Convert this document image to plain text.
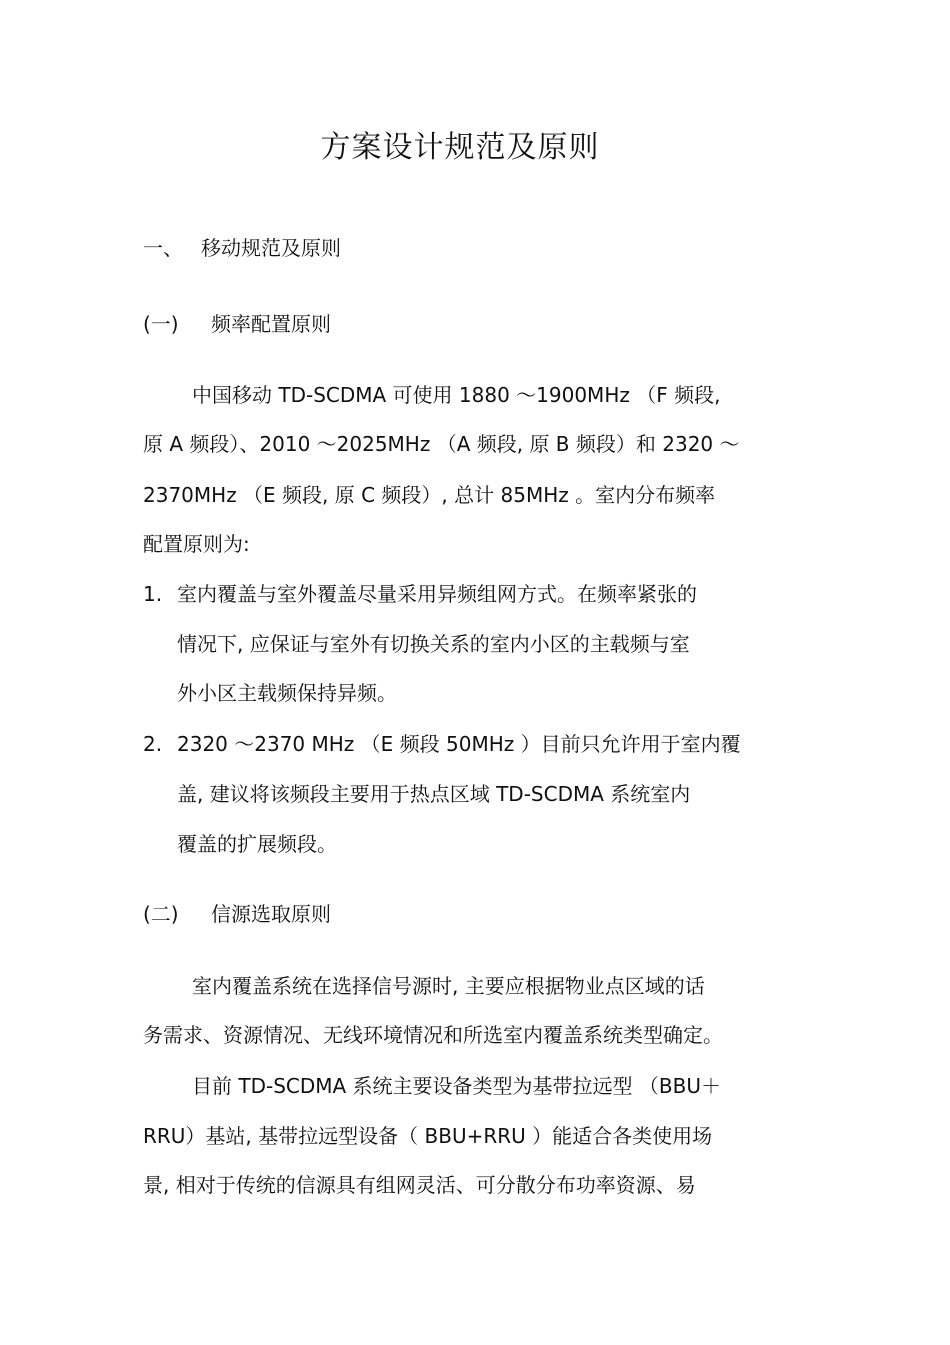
方案设计规范及原则
一、 移动规范及原则
(一) 频率配置原则
中国移动 TD-SCDMA 可使用 1880 ～1900MHz （F 频段,
原 A 频段）、2010 ～2025MHz （A 频段, 原 B 频段）和 2320 ～
2370MHz （E 频段, 原 C 频段）, 总计 85MHz 。室内分布频率
配置原则为:
1. 室内覆盖与室外覆盖尽量采用异频组网方式。在频率紧张的
情况下, 应保证与室外有切换关系的室内小区的主载频与室
外小区主载频保持异频。
2. 2320 ～2370 MHz （E 频段 50MHz ）目前只允许用于室内覆
盖, 建议将该频段主要用于热点区域 TD-SCDMA 系统室内
覆盖的扩展频段。
(二) 信源选取原则
室内覆盖系统在选择信号源时, 主要应根据物业点区域的话
务需求、资源情况、无线环境情况和所选室内覆盖系统类型确定。
目前 TD-SCDMA 系统主要设备类型为基带拉远型 （BBU＋
RRU）基站, 基带拉远型设备（ BBU+RRU ）能适合各类使用场
景, 相对于传统的信源具有组网灵活、可分散分布功率资源、易
